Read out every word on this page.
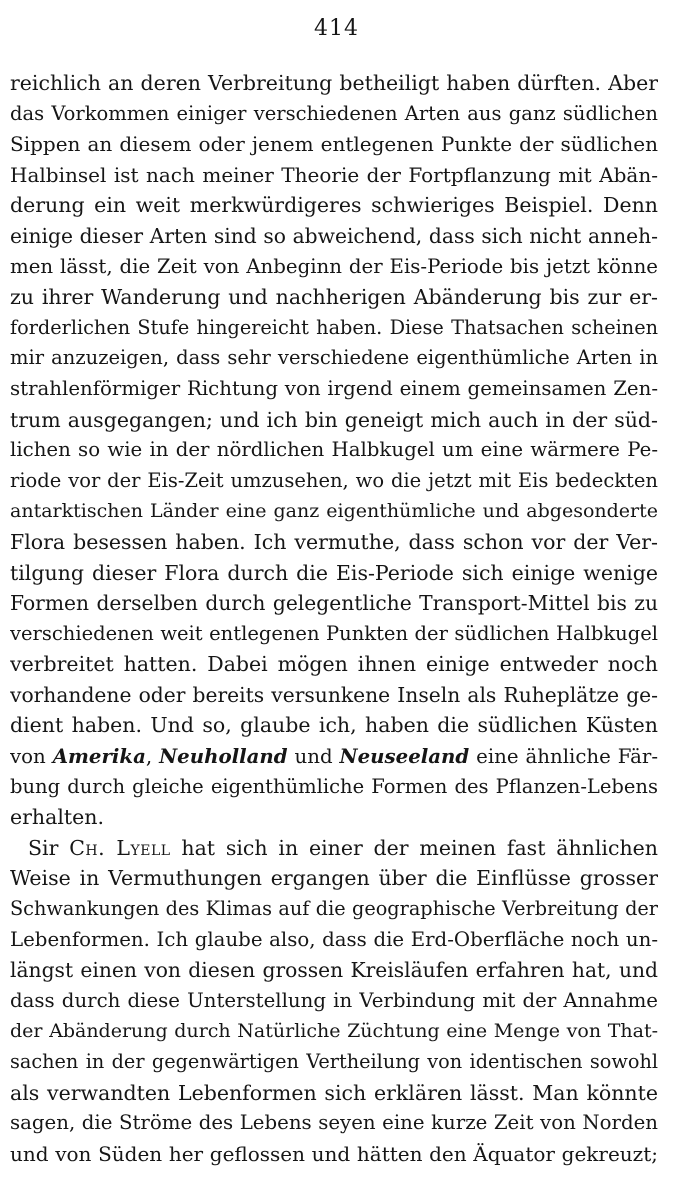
414
reichlich an deren Verbreitung betheiligt haben dürften. Aber
das Vorkommen einiger verschiedenen Arten aus ganz südlichen
Sippen an diesem oder jenem entlegenen Punkte der südlichen
Halbinsel ist nach meiner Theorie der Fortpflanzung mit Abän-
derung ein weit merkwürdigeres schwieriges Beispiel. Denn
einige dieser Arten sind so abweichend, dass sich nicht anneh-
men lässt, die Zeit von Anbeginn der Eis-Periode bis jetzt könne
zu ihrer Wanderung und nachherigen Abänderung bis zur er-
forderlichen Stufe hingereicht haben. Diese Thatsachen scheinen
mir anzuzeigen, dass sehr verschiedene eigenthümliche Arten in
strahlenförmiger Richtung von irgend einem gemeinsamen Zen-
trum ausgegangen; und ich bin geneigt mich auch in der süd-
lichen so wie in der nördlichen Halbkugel um eine wärmere Pe-
riode vor der Eis-Zeit umzusehen, wo die jetzt mit Eis bedeckten
antarktischen Länder eine ganz eigenthümliche und abgesonderte
Flora besessen haben. Ich vermuthe, dass schon vor der Ver-
tilgung dieser Flora durch die Eis-Periode sich einige wenige
Formen derselben durch gelegentliche Transport-Mittel bis zu
verschiedenen weit entlegenen Punkten der südlichen Halbkugel
verbreitet hatten. Dabei mögen ihnen einige entweder noch
vorhandene oder bereits versunkene Inseln als Ruheplätze ge-
dient haben. Und so, glaube ich, haben die südlichen Küsten
von Amerika, Neuholland und Neuseeland eine ähnliche Fär-
bung durch gleiche eigenthümliche Formen des Pflanzen-Lebens
erhalten.
Sir Ch. Lyell hat sich in einer der meinen fast ähnlichen
Weise in Vermuthungen ergangen über die Einflüsse grosser
Schwankungen des Klimas auf die geographische Verbreitung der
Lebenformen. Ich glaube also, dass die Erd-Oberfläche noch un-
längst einen von diesen grossen Kreisläufen erfahren hat, und
dass durch diese Unterstellung in Verbindung mit der Annahme
der Abänderung durch Natürliche Züchtung eine Menge von That-
sachen in der gegenwärtigen Vertheilung von identischen sowohl
als verwandten Lebenformen sich erklären lässt. Man könnte
sagen, die Ströme des Lebens seyen eine kurze Zeit von Norden
und von Süden her geflossen und hätten den Äquator gekreuzt;
